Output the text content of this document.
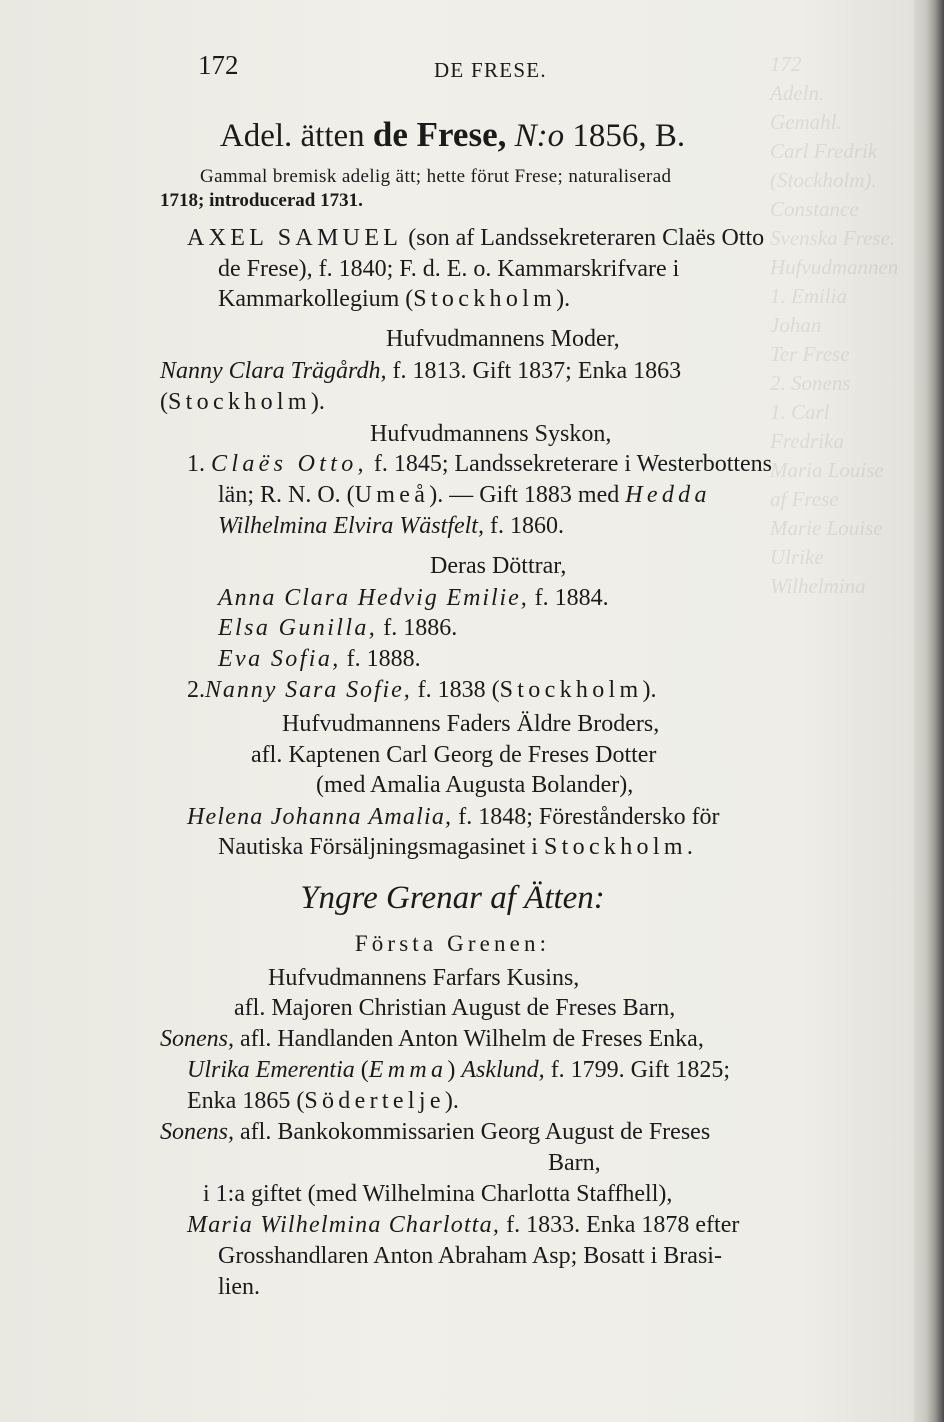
172
Adeln.
Gemahl.
Carl Fredrik
(Stockholm).
Constance
Svenska Frese.
Hufvudmannen
1. Emilia
Johan
Ter Frese
2. Sonens
1. Carl
Fredrika
Maria Louise
af Frese
Marie Louise
Ulrike
Wilhelmina
172	DE FRESE.
Adel. ätten de Frese, N:o 1856, B.
Gammal bremisk adelig ätt; hette förut Frese; naturaliserad
1718; introducerad 1731.
AXEL SAMUEL (son af Landssekreteraren Claës Otto
de Frese), f. 1840; F. d. E. o. Kammarskrifvare i
Kammarkollegium (Stockholm).
Hufvudmannens Moder,
Nanny Clara Trägårdh, f. 1813. Gift 1837; Enka 1863
(Stockholm).
Hufvudmannens Syskon,
1. Claës Otto, f. 1845; Landssekreterare i Westerbottens
län; R. N. O. (Umeå). — Gift 1883 med Hedda
Wilhelmina Elvira Wästfelt, f. 1860.
Deras Döttrar,
Anna Clara Hedvig Emilie, f. 1884.
Elsa Gunilla, f. 1886.
Eva Sofia, f. 1888.
2.Nanny Sara Sofie, f. 1838 (Stockholm).
Hufvudmannens Faders Äldre Broders,
afl. Kaptenen Carl Georg de Freses Dotter
(med Amalia Augusta Bolander),
Helena Johanna Amalia, f. 1848; Föreståndersko för
Nautiska Försäljningsmagasinet i Stockholm.
Yngre Grenar af Ätten:
Första Grenen:
Hufvudmannens Farfars Kusins,
afl. Majoren Christian August de Freses Barn,
Sonens, afl. Handlanden Anton Wilhelm de Freses Enka,
Ulrika Emerentia (Emma) Asklund, f. 1799. Gift 1825;
Enka 1865 (Södertelje).
Sonens, afl. Bankokommissarien Georg August de Freses
Barn,
i 1:a giftet (med Wilhelmina Charlotta Staffhell),
Maria Wilhelmina Charlotta, f. 1833. Enka 1878 efter
Grosshandlaren Anton Abraham Asp; Bosatt i Brasi-
lien.
